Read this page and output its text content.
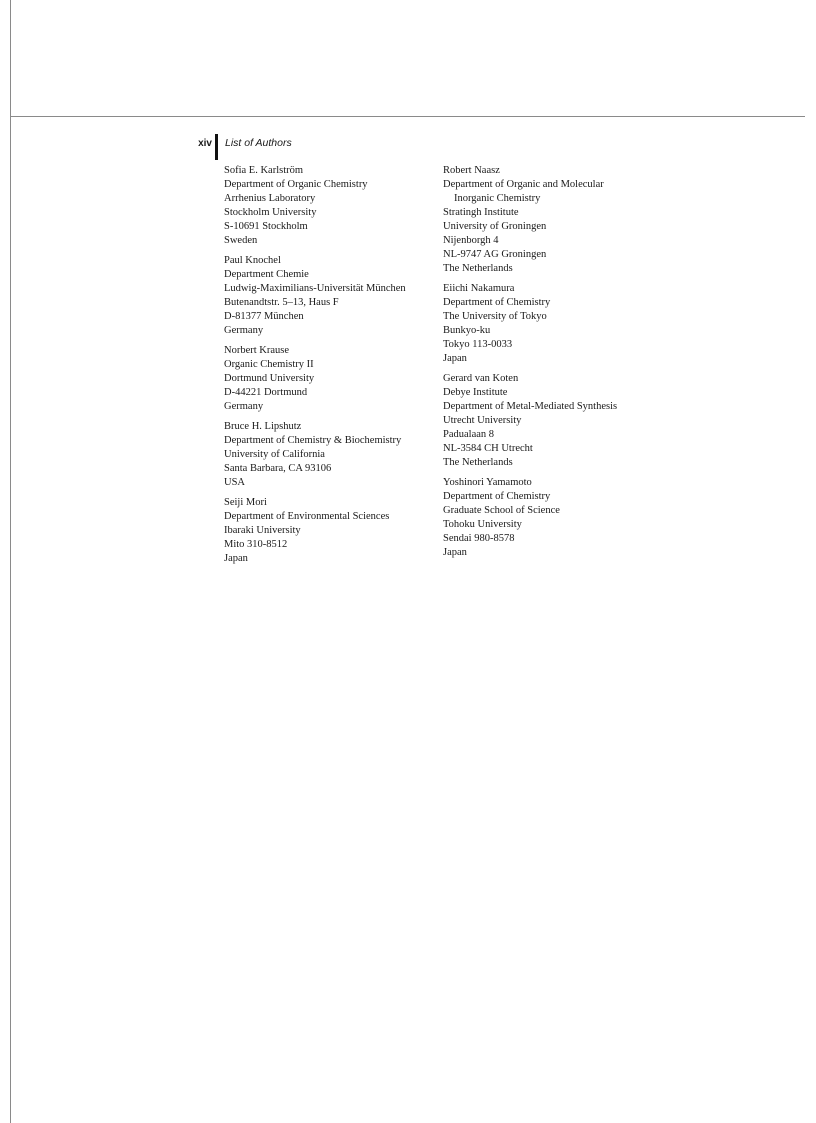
xiv List of Authors
Sofia E. Karlström
Department of Organic Chemistry
Arrhenius Laboratory
Stockholm University
S-10691 Stockholm
Sweden
Paul Knochel
Department Chemie
Ludwig-Maximilians-Universität München
Butenandtstr. 5–13, Haus F
D-81377 München
Germany
Norbert Krause
Organic Chemistry II
Dortmund University
D-44221 Dortmund
Germany
Bruce H. Lipshutz
Department of Chemistry & Biochemistry
University of California
Santa Barbara, CA 93106
USA
Seiji Mori
Department of Environmental Sciences
Ibaraki University
Mito 310-8512
Japan
Robert Naasz
Department of Organic and Molecular
Inorganic Chemistry
Stratingh Institute
University of Groningen
Nijenborgh 4
NL-9747 AG Groningen
The Netherlands
Eiichi Nakamura
Department of Chemistry
The University of Tokyo
Bunkyo-ku
Tokyo 113-0033
Japan
Gerard van Koten
Debye Institute
Department of Metal-Mediated Synthesis
Utrecht University
Padualaan 8
NL-3584 CH Utrecht
The Netherlands
Yoshinori Yamamoto
Department of Chemistry
Graduate School of Science
Tohoku University
Sendai 980-8578
Japan
